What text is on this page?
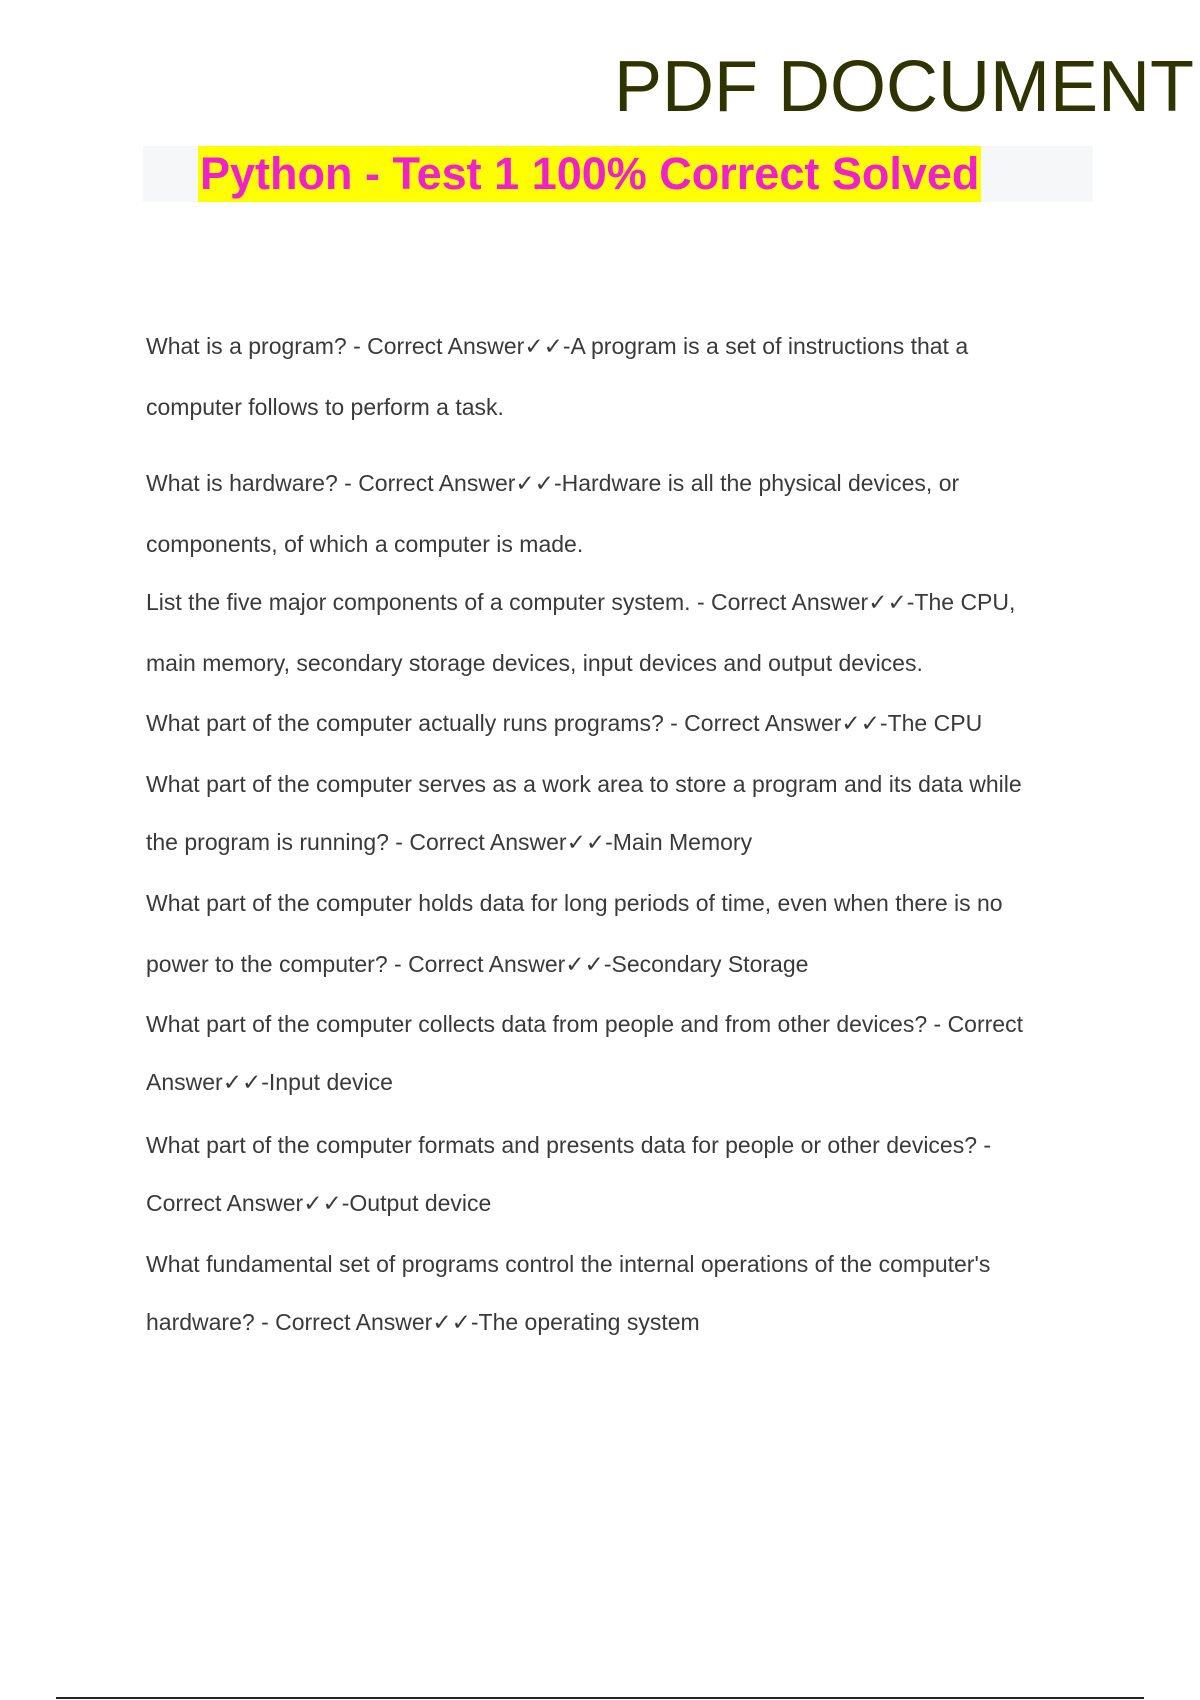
PDF DOCUMENT
Python - Test 1 100% Correct Solved
What is a program? - Correct Answer✓✓-A program is a set of instructions that a
computer follows to perform a task.
What is hardware? - Correct Answer✓✓-Hardware is all the physical devices, or
components, of which a computer is made.
List the five major components of a computer system. - Correct Answer✓✓-The CPU,
main memory, secondary storage devices, input devices and output devices.
What part of the computer actually runs programs? - Correct Answer✓✓-The CPU
What part of the computer serves as a work area to store a program and its data while
the program is running? - Correct Answer✓✓-Main Memory
What part of the computer holds data for long periods of time, even when there is no
power to the computer? - Correct Answer✓✓-Secondary Storage
What part of the computer collects data from people and from other devices? - Correct
Answer✓✓-Input device
What part of the computer formats and presents data for people or other devices? -
Correct Answer✓✓-Output device
What fundamental set of programs control the internal operations of the computer's
hardware? - Correct Answer✓✓-The operating system
